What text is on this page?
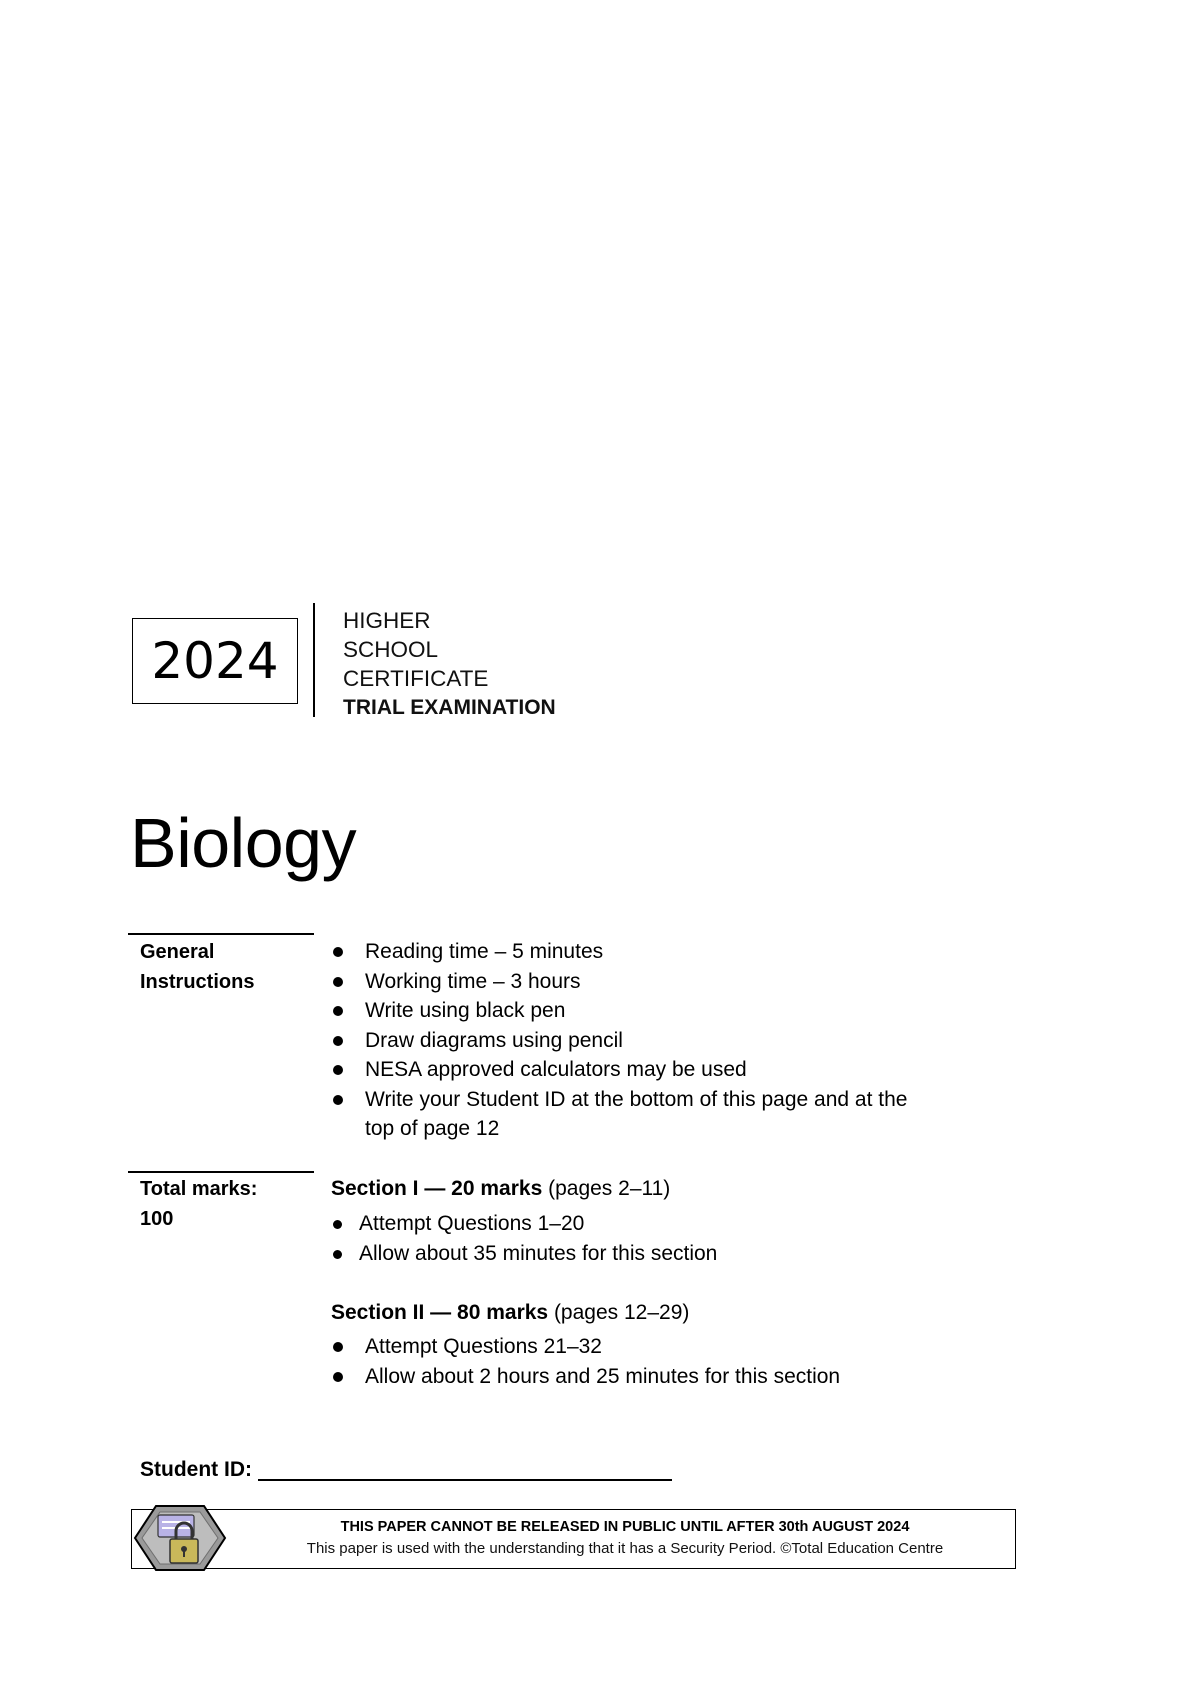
2024
HIGHER
SCHOOL
CERTIFICATE
TRIAL EXAMINATION
Biology
General
Instructions
Reading time – 5 minutes
Working time – 3 hours
Write using black pen
Draw diagrams using pencil
NESA approved calculators may be used
Write your Student ID at the bottom of this page and at the
top of page 12
Total marks:
100
Section I — 20 marks (pages 2–11)
Attempt Questions 1–20
Allow about 35 minutes for this section
Section II — 80 marks (pages 12–29)
Attempt Questions 21–32
Allow about 2 hours and 25 minutes for this section
Student ID:
THIS PAPER CANNOT BE RELEASED IN PUBLIC UNTIL AFTER 30th AUGUST 2024
This paper is used with the understanding that it has a Security Period. ©Total Education Centre
